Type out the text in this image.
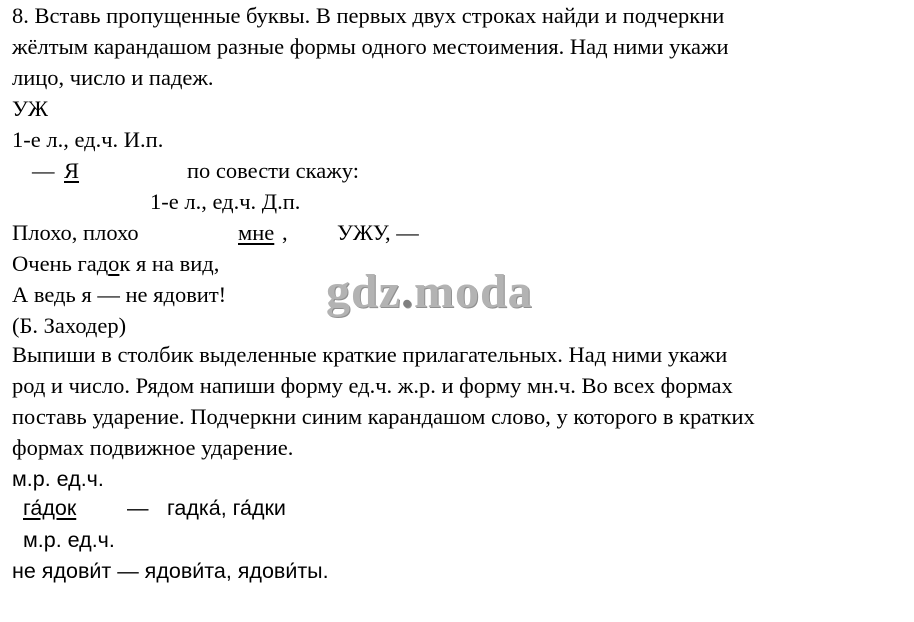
8. Вставь пропущенные буквы. В первых двух строках найди и подчеркни
жёлтым карандашом разные формы одного местоимения. Над ними укажи
лицо, число и падеж.
УЖ
1-е л., ед.ч. И.п.
— Я	по совести скажу:
1-е л., ед.ч. Д.п.
Плохо, плохо	мне , УЖУ, —
Очень гадок я на вид,
А ведь я — не ядовит!
(Б. Заходер)
Выпиши в столбик выделенные краткие прилагательных. Над ними укажи
род и число. Рядом напиши форму ед.ч. ж.р. и форму мн.ч. Во всех формах
поставь ударение. Подчеркни синим карандашом слово, у которого в кратких
формах подвижное ударение.
м.р. ед.ч.
га́док — гадка́, га́дки
м.р. ед.ч.
не ядови́т — ядови́та, ядови́ты.
gdz.moda
